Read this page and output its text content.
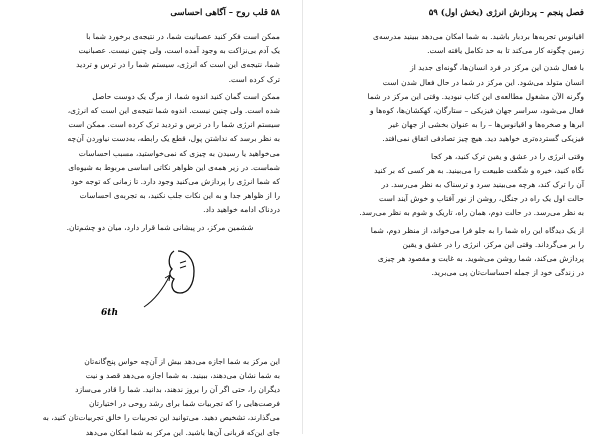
۵۸ قلب روح – آگاهی احساسی
ممکن است فکر کنید عصبانیت شما، در نتیجه‌ی برخورد شما با
یک آدم بی‌نزاکت به وجود آمده است، ولی چنین نیست. عصبانیت
شما، نتیجه‌ی این است که انرژی، سیستم شما را در ترس و تردید
ترک کرده است.
ممکن است گمان کنید اندوه شما، از مرگ یک دوست حاصل
شده است. ولی چنین نیست. اندوه شما نتیجه‌ی این است که انرژی،
سیستم انرژی شما را در ترس و تردید ترک کرده است. ممکن است
به نظر برسد که نداشتن پول، قطع یک رابطه، به‌دست نیاوردن آن‌چه
می‌خواهید یا رسیدن به چیزی که نمی‌خواستید، مسبب احساسات
شماست. در زیر همه‌ی این ظواهر نکاتی اساسی مربوط به شیوه‌ای
که شما انرژی را پردازش می‌کنید وجود دارد. تا زمانی که توجه خود
را از ظواهر جدا و به این نکات جلب نکنید، به تجربه‌ی احساسات
دردناک ادامه خواهید داد.
ششمین مرکز، در پیشانی شما قرار دارد، میان دو چشم‌تان.
6th
این مرکز به شما اجازه می‌دهد بیش از آن‌چه حواس پنج‌گانه‌تان
به شما نشان می‌دهند، ببینید. به شما اجازه می‌دهد قصد و نیت
دیگران را، حتی اگر آن را بروز ندهند، بدانید. شما را قادر می‌سازد
فرصت‌هایی را که تجربیات شما برای رشد روحی در اختیارتان
می‌گذارند، تشخیص دهید. می‌توانید این تجربیات را خالق تجربیات‌تان کنید، به
جای این‌که قربانی آن‌ها باشید. این مرکز به شما امکان می‌دهد
فصل پنجم – پردازش انرژی (بخش اول) ۵۹
اقیانوس تجربه‌ها بردبار باشید. به شما امکان می‌دهد ببینید مدرسه‌ی
زمین چگونه کار می‌کند تا به حد تکامل یافته است.
با فعال شدن این مرکز در فرد انسان‌ها، گونه‌ای جدید از
انسان متولد می‌شود. این مرکز در شما در حال فعال شدن است
وگرنه الآن مشغول مطالعه‌ی این کتاب نبودید. وقتی این مرکز در شما
فعال می‌شود، سراسر جهان فیزیکی – ستارگان، کهکشان‌ها، کوه‌ها و
ابرها و صخره‌ها و اقیانوس‌ها – را به عنوان بخشی از جهان غیر
فیزیکی گسترده‌تری خواهید دید. هیچ چیز تصادفی اتفاق نمی‌افتد.
وقتی انرژی را در عشق و یقین ترک کنید، هر کجا
نگاه کنید، خیره و شگفت طبیعت را می‌بینید. به هر کسی که بر کنید
آن را ترک کند، هرچه می‌بینید سرد و ترسناک به نظر می‌رسد. در
حالت اول یک راه در جنگل، روشن از نور آفتاب و خوش آیند است
به نظر می‌رسد. در حالت دوم، همان راه، تاریک و شوم به نظر می‌رسد.
از یک دیدگاه این راه شما را به جلو فرا می‌خواند، از منظر دوم، شما
را بر می‌گرداند. وقتی این مرکز، انرژی را در عشق و یقین
پردازش می‌کند، شما روشن می‌شوید. به غایت و مقصود هر چیزی
در زندگی خود از جمله احساسات‌تان پی می‌برید.
